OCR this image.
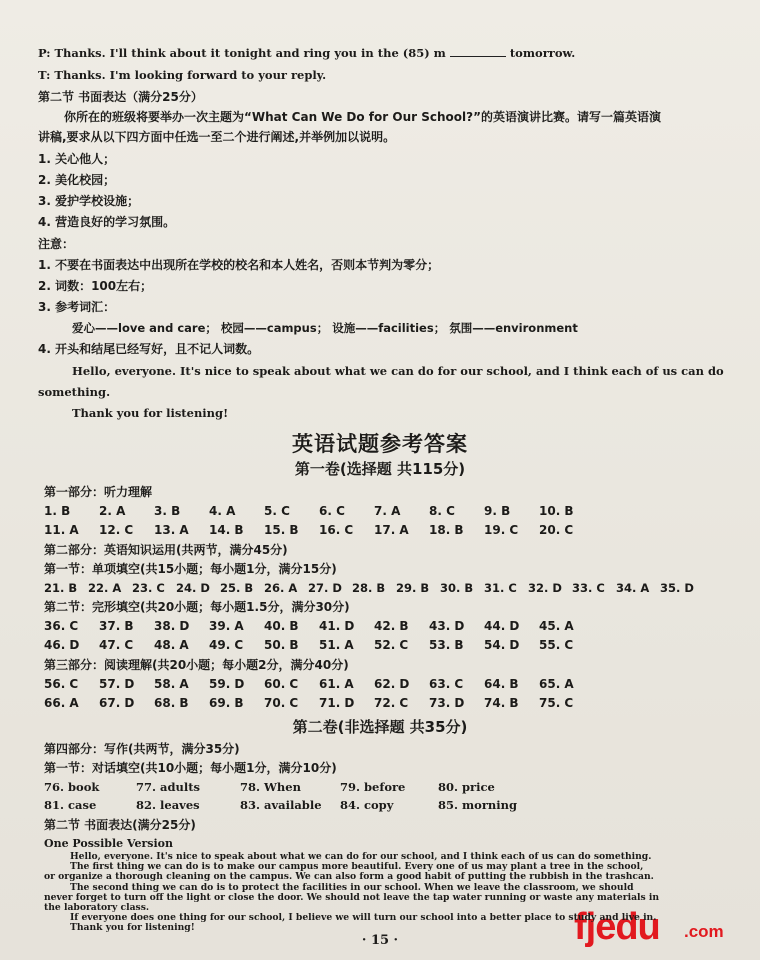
P: Thanks. I'll think about it tonight and ring you in the (85) m	tomorrow.
T: Thanks. I'm looking forward to your reply.
第二节 书面表达（满分25分）
你所在的班级将要举办一次主题为“What Can We Do for Our School?”的英语演讲比赛。请写一篇英语演
讲稿,要求从以下四方面中任选一至二个进行阐述,并举例加以说明。
1. 关心他人；
2. 美化校园；
3. 爱护学校设施；
4. 营造良好的学习氛围。
注意：
1. 不要在书面表达中出现所在学校的校名和本人姓名，否则本节判为零分；
2. 词数：100左右；
3. 参考词汇：
爱心——love and care； 校园——campus； 设施——facilities； 氛围——environment
4. 开头和结尾已经写好，且不记人词数。
Hello, everyone. It's nice to speak about what we can do for our school, and I think each of us can do
something.
Thank you for listening!
英语试题参考答案
第一卷(选择题 共115分)
第一部分：听力理解
1. B 2. A 3. B 4. A 5. C 6. C 7. A 8. C 9. B 10. B
11. A 12. C 13. A 14. B 15. B 16. C 17. A 18. B 19. C 20. C
第二部分：英语知识运用(共两节，满分45分)
第一节：单项填空(共15小题；每小题1分，满分15分)
21. B 22. A 23. C 24. D 25. B 26. A 27. D 28. B 29. B 30. B 31. C 32. D 33. C 34. A 35. D
第二节：完形填空(共20小题；每小题1.5分，满分30分)
36. C 37. B 38. D 39. A 40. B 41. D 42. B 43. D 44. D 45. A
46. D 47. C 48. A 49. C 50. B 51. A 52. C 53. B 54. D 55. C
第三部分：阅读理解(共20小题；每小题2分，满分40分)
56. C 57. D 58. A 59. D 60. C 61. A 62. D 63. C 64. B 65. A
66. A 67. D 68. B 69. B 70. C 71. D 72. C 73. D 74. B 75. C
第二卷(非选择题 共35分)
第四部分：写作(共两节，满分35分)
第一节：对话填空(共10小题；每小题1分，满分10分)
76. book	77. adults	78. When	79. before	80. price
81. case	82. leaves	83. available 84. copy	85. morning
第二节 书面表达(满分25分)
One Possible Version
· 15 ·	fjedu .com
Hello, everyone. It's nice to speak about what we can do for our school, and I think each of us can do something.
The first thing we can do is to make our campus more beautiful. Every one of us may plant a tree in the school,
or organize a thorough cleaning on the campus. We can also form a good habit of putting the rubbish in the trashcan.
The second thing we can do is to protect the facilities in our school. When we leave the classroom, we should
never forget to turn off the light or close the door. We should not leave the tap water running or waste any materials in
the laboratory class.
If everyone does one thing for our school, I believe we will turn our school into a better place to study and live in.
Thank you for listening!
